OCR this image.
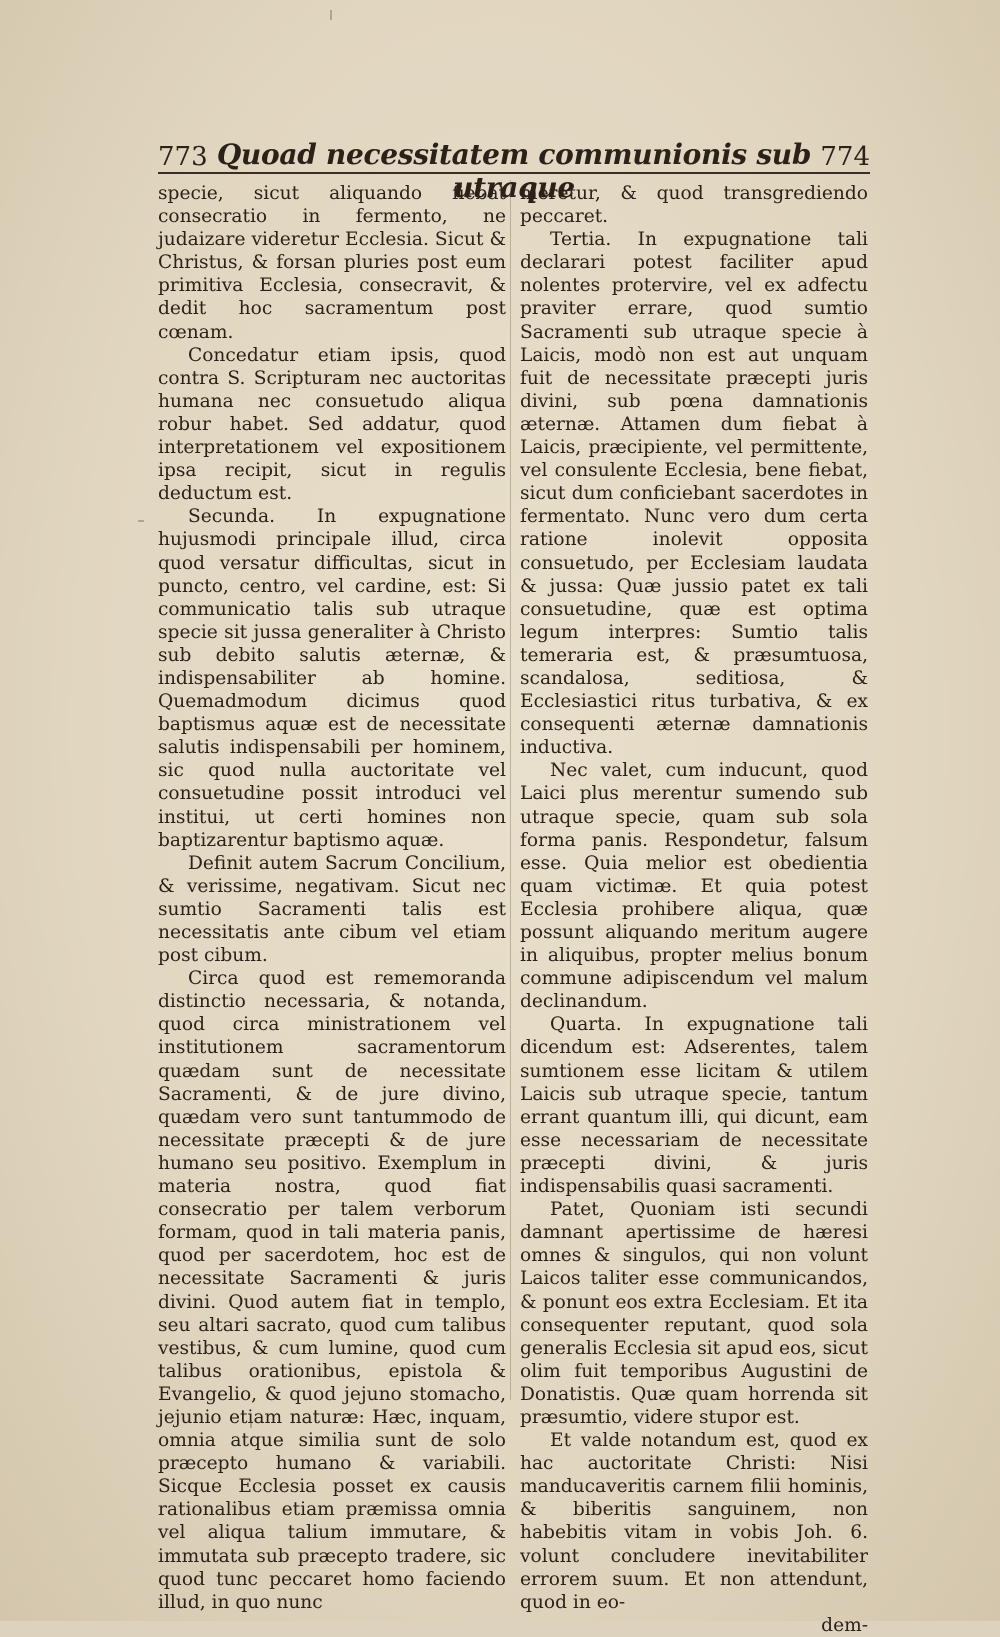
773 Quoad necessitatem communionis sub utraque
774

specie, sicut aliquando fiebat consecratio in fermento, ne judaizare videretur Ecclesia. Sicut & Christus, & forsan pluries post eum primitiva Ecclesia, consecravit, & dedit hoc sacramentum post cœnam.

Concedatur etiam ipsis, quod contra S. Scripturam nec auctoritas humana nec consuetudo aliqua robur habet. Sed addatur, quod interpretationem vel expositionem ipsa recipit, sicut in regulis deductum est.

Secunda. In expugnatione hujusmodi principale illud, circa quod versatur difficultas, sicut in puncto, centro, vel cardine, est: Si communicatio talis sub utraque specie sit jussa generaliter à Christo sub debito salutis æternæ, & indispensabiliter ab homine. Quemadmodum dicimus quod baptismus aquæ est de necessitate salutis indispensabili per hominem, sic quod nulla auctoritate vel consuetudine possit introduci vel institui, ut certi homines non baptizarentur baptismo aquæ.

Definit autem Sacrum Concilium, & verissime, negativam. Sicut nec sumtio Sacramenti talis est necessitatis ante cibum vel etiam post cibum.

Circa quod est rememoranda distinctio necessaria, & notanda, quod circa ministrationem vel institutionem sacramentorum quædam sunt de necessitate Sacramenti, & de jure divino, quædam vero sunt tantummodo de necessitate præcepti & de jure humano seu positivo. Exemplum in materia nostra, quod fiat consecratio per talem verborum formam, quod in tali materia panis, quod per sacerdotem, hoc est de necessitate Sacramenti & juris divini. Quod autem fiat in templo, seu altari sacrato, quod cum talibus vestibus, & cum lumine, quod cum talibus orationibus, epistola & Evangelio, & quod jejuno stomacho, jejunio etiam naturæ: Hæc, inquam, omnia atque similia sunt de solo præcepto humano & variabili. Sicque Ecclesia posset ex causis rationalibus etiam præmissa omnia vel aliqua talium immutare, & immutata sub præcepto tradere, sic quod tunc peccaret homo faciendo illud, in quo nunc

meretur, & quod transgrediendo peccaret.

Tertia. In expugnatione tali declarari potest faciliter apud nolentes protervire, vel ex adfectu praviter errare, quod sumtio Sacramenti sub utraque specie à Laicis, modò non est aut unquam fuit de necessitate præcepti juris divini, sub pœna damnationis æternæ. Attamen dum fiebat à Laicis, præcipiente, vel permittente, vel consulente Ecclesia, bene fiebat, sicut dum conficiebant sacerdotes in fermentato. Nunc vero dum certa ratione inolevit opposita consuetudo, per Ecclesiam laudata & jussa: Quæ jussio patet ex tali consuetudine, quæ est optima legum interpres: Sumtio talis temeraria est, & præsumtuosa, scandalosa, seditiosa, & Ecclesiastici ritus turbativa, & ex consequenti æternæ damnationis inductiva.

Nec valet, cum inducunt, quod Laici plus merentur sumendo sub utraque specie, quam sub sola forma panis. Respondetur, falsum esse. Quia melior est obedientia quam victimæ. Et quia potest Ecclesia prohibere aliqua, quæ possunt aliquando meritum augere in aliquibus, propter melius bonum commune adipiscendum vel malum declinandum.

Quarta. In expugnatione tali dicendum est: Adserentes, talem sumtionem esse licitam & utilem Laicis sub utraque specie, tantum errant quantum illi, qui dicunt, eam esse necessariam de necessitate præcepti divini, & juris indispensabilis quasi sacramenti.

Patet, Quoniam isti secundi damnant apertissime de hæresi omnes & singulos, qui non volunt Laicos taliter esse communicandos, & ponunt eos extra Ecclesiam. Et ita consequenter reputant, quod sola generalis Ecclesia sit apud eos, sicut olim fuit temporibus Augustini de Donatistis. Quæ quam horrenda sit præsumtio, videre stupor est.

Et valde notandum est, quod ex hac auctoritate Christi: Nisi manducaveritis carnem filii hominis, & biberitis sanguinem, non habebitis vitam in vobis Joh. 6. volunt concludere inevitabiliter errorem suum. Et non attendunt, quod in eo-

dem-
